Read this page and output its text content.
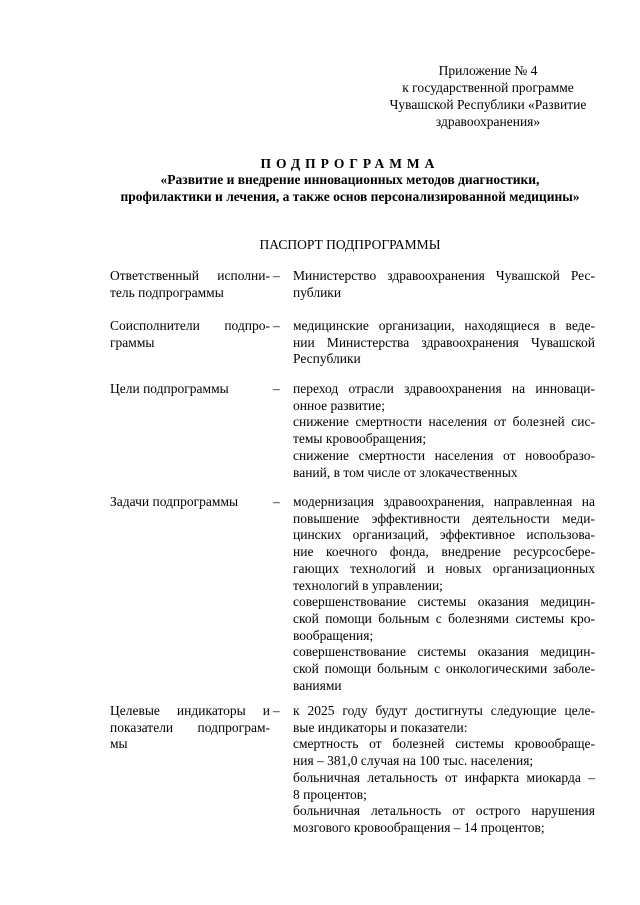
Приложение № 4
к государственной программе
Чувашской Республики «Развитие
здравоохранения»
ПОДПРОГРАММА
«Развитие и внедрение инновационных методов диагностики,
профилактики и лечения, а также основ персонализированной медицины»
ПАСПОРТ ПОДПРОГРАММЫ
Ответственный исполни-
тель подпрограммы
– Министерство здравоохранения Чувашской Рес-
публики
Соисполнители подпро-
граммы
– медицинские организации, находящиеся в веде-
нии Министерства здравоохранения Чувашской
Республики
Цели подпрограммы	– переход отрасли здравоохранения на инноваци-
онное развитие;
снижение смертности населения от болезней сис-
темы кровообращения;
снижение смертности населения от новообразо-
ваний, в том числе от злокачественных
Задачи подпрограммы	– модернизация здравоохранения, направленная на
повышение эффективности деятельности меди-
цинских организаций, эффективное использова-
ние коечного фонда, внедрение ресурсосбере-
гающих технологий и новых организационных
технологий в управлении;
совершенствование системы оказания медицин-
ской помощи больным с болезнями системы кро-
вообращения;
совершенствование системы оказания медицин-
ской помощи больным с онкологическими заболе-
ваниями
Целевые индикаторы и
показатели подпрограм-
мы
– к 2025 году будут достигнуты следующие целе-
вые индикаторы и показатели:
смертность от болезней системы кровообраще-
ния – 381,0 случая на 100 тыс. населения;
больничная летальность от инфаркта миокарда –
8 процентов;
больничная летальность от острого нарушения
мозгового кровообращения – 14 процентов;
